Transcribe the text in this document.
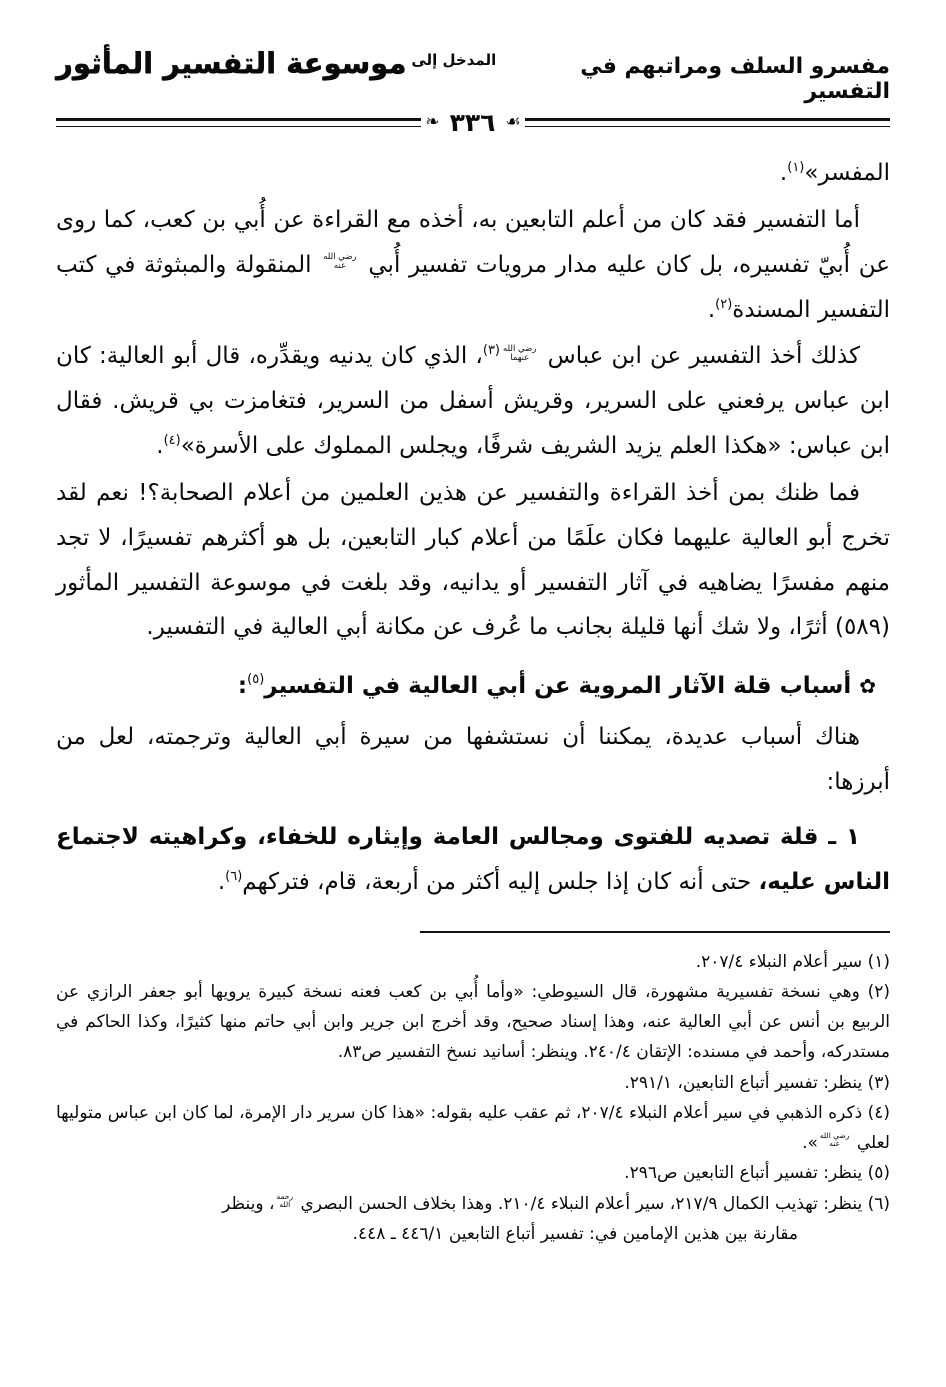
مفسرو السلف ومراتبهم في التفسير
المدخل إلى موسوعة التفسير المأثور
☙
٣٣٦
❧

المفسر»$^{(١)}$.

أما التفسير فقد كان من أعلم التابعين به، أخذه مع القراءة عن أُبي بن كعب، كما روى عن أُبيّ تفسيره، بل كان عليه مدار مرويات تفسير أُبي
رضي الله
عنه
المنقولة والمبثوثة في كتب التفسير المسندة$^{(٢)}$.

كذلك أخذ التفسير عن ابن عباس
رضي الله
عنهما
$^{(٣)}$، الذي كان يدنيه ويقدِّره، قال أبو العالية: كان ابن عباس يرفعني على السرير، وقريش أسفل من السرير، فتغامزت بي قريش. فقال ابن عباس: «هكذا العلم يزيد الشريف شرفًا، ويجلس المملوك على الأسرة»$^{(٤)}$.

فما ظنك بمن أخذ القراءة والتفسير عن هذين العلمين من أعلام الصحابة؟! نعم لقد تخرج أبو العالية عليهما فكان علَمًا من أعلام كبار التابعين، بل هو أكثرهم تفسيرًا، لا تجد منهم مفسرًا يضاهيه في آثار التفسير أو يدانيه، وقد بلغت في موسوعة التفسير المأثور (٥٨٩) أثرًا، ولا شك أنها قليلة بجانب ما عُرف عن مكانة أبي العالية في التفسير.

✿ أسباب قلة الآثار المروية عن أبي العالية في التفسير$^{(٥)}$:

هناك أسباب عديدة، يمكننا أن نستشفها من سيرة أبي العالية وترجمته، لعل من أبرزها:

١ ـ قلة تصديه للفتوى ومجالس العامة وإيثاره للخفاء، وكراهيته لاجتماع الناس عليه، حتى أنه كان إذا جلس إليه أكثر من أربعة، قام، فتركهم$^{(٦)}$.

(١) سير أعلام النبلاء ٢٠٧/٤.

(٢) وهي نسخة تفسيرية مشهورة، قال السيوطي: «وأما أُبي بن كعب فعنه نسخة كبيرة يرويها أبو جعفر الرازي عن الربيع بن أنس عن أبي العالية عنه، وهذا إسناد صحيح، وقد أخرج ابن جرير وابن أبي حاتم منها كثيرًا، وكذا الحاكم في مستدركه، وأحمد في مسنده: الإتقان ٢٤٠/٤. وينظر: أسانيد نسخ التفسير ص٨٣.

(٣) ينظر: تفسير أتباع التابعين، ٢٩١/١.

(٤) ذكره الذهبي في سير أعلام النبلاء ٢٠٧/٤، ثم عقب عليه بقوله: «هذا كان سرير دار الإمرة، لما كان ابن عباس متوليها لعلي
رضي الله
عنه
».

(٥) ينظر: تفسير أتباع التابعين ص٢٩٦.

(٦) ينظر: تهذيب الكمال ٢١٧/٩، سير أعلام النبلاء ٢١٠/٤. وهذا بخلاف الحسن البصري
رحمه
الله
، وينظر
مقارنة بين هذين الإمامين في: تفسير أتباع التابعين ٤٤٦/١ ـ ٤٤٨.
